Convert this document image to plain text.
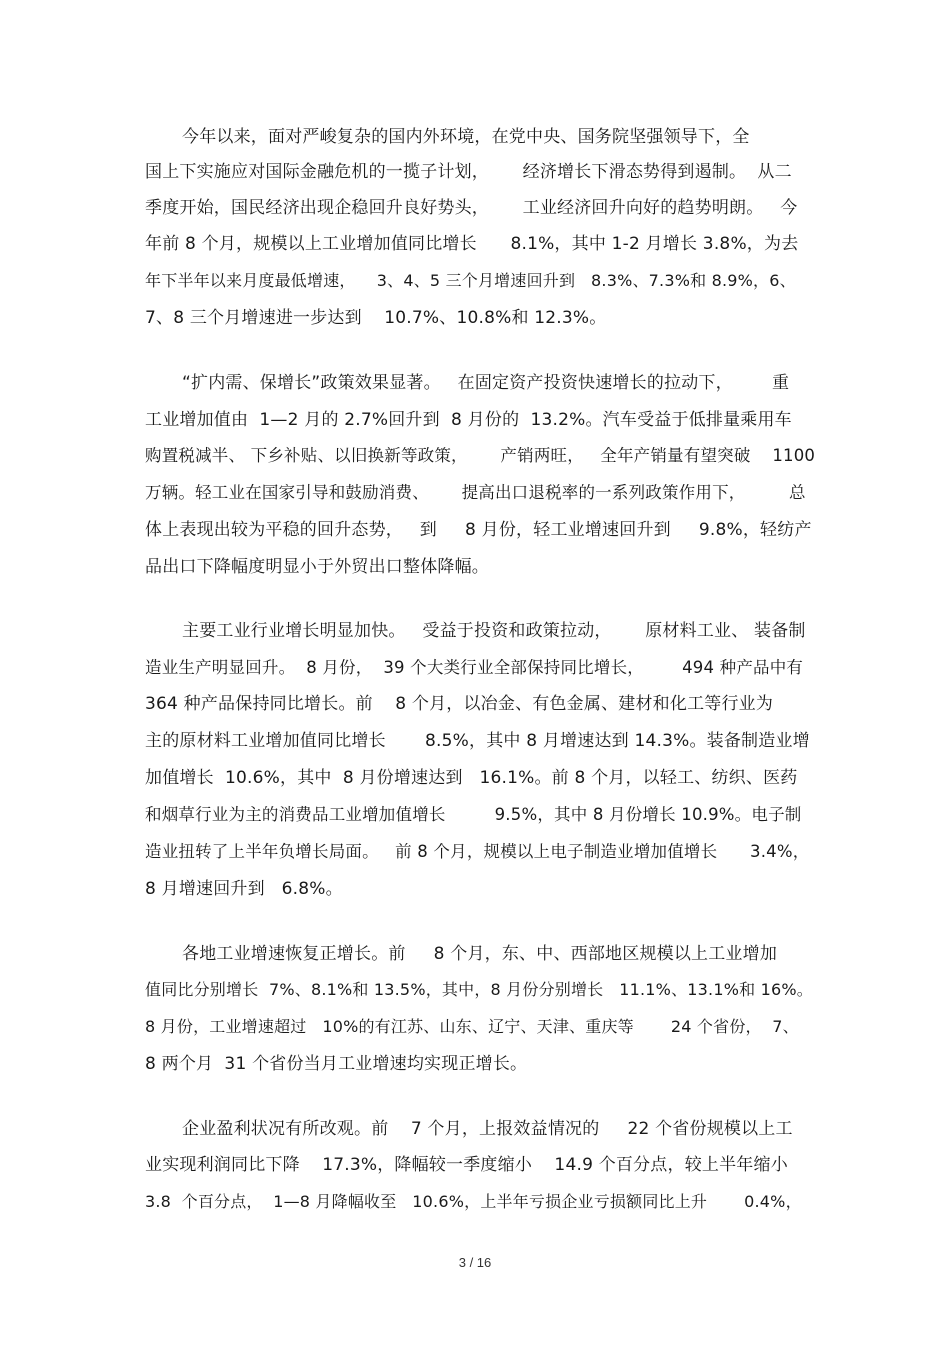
今年以来，面对严峻复杂的国内外环境，在党中央、国务院坚强领导下，全
国上下实施应对国际金融危机的一揽子计划，      经济增长下滑态势得到遏制。  从二
季度开始，国民经济出现企稳回升良好势头，      工业经济回升向好的趋势明朗。   今
年前 8 个月，规模以上工业增加值同比增长      8.1%，其中 1-2 月增长 3.8%，为去
年下半年以来月度最低增速，    3、4、5 三个月增速回升到   8.3%、7.3%和 8.9%，6、
7、8 三个月增速进一步达到    10.7%、10.8%和 12.3%。
“扩内需、保增长”政策效果显著。   在固定资产投资快速增长的拉动下，       重
工业增加值由  1—2 月的 2.7%回升到  8 月份的  13.2%。汽车受益于低排量乘用车
购置税减半、 下乡补贴、以旧换新等政策，      产销两旺，   全年产销量有望突破    1100
万辆。轻工业在国家引导和鼓励消费、      提高出口退税率的一系列政策作用下，        总
体上表现出较为平稳的回升态势，   到     8 月份，轻工业增速回升到     9.8%，轻纺产
品出口下降幅度明显小于外贸出口整体降幅。
主要工业行业增长明显加快。   受益于投资和政策拉动，      原材料工业、 装备制
造业生产明显回升。  8 月份，  39 个大类行业全部保持同比增长，       494 种产品中有
364 种产品保持同比增长。前    8 个月，以冶金、有色金属、建材和化工等行业为
主的原材料工业增加值同比增长       8.5%，其中 8 月增速达到 14.3%。装备制造业增
加值增长  10.6%，其中  8 月份增速达到   16.1%。前 8 个月，以轻工、纺织、医药
和烟草行业为主的消费品工业增加值增长         9.5%，其中 8 月份增长 10.9%。电子制
造业扭转了上半年负增长局面。   前 8 个月，规模以上电子制造业增加值增长      3.4%，
8 月增速回升到   6.8%。
各地工业增速恢复正增长。前     8 个月，东、中、西部地区规模以上工业增加
值同比分别增长  7%、8.1%和 13.5%，其中，8 月份分别增长   11.1%、13.1%和 16%。
8 月份，工业增速超过   10%的有江苏、山东、辽宁、天津、重庆等       24 个省份，  7、
8 两个月  31 个省份当月工业增速均实现正增长。
企业盈利状况有所改观。前    7 个月，上报效益情况的     22 个省份规模以上工
业实现利润同比下降    17.3%，降幅较一季度缩小    14.9 个百分点，较上半年缩小
3.8  个百分点，  1—8 月降幅收至   10.6%，上半年亏损企业亏损额同比上升       0.4%，
3 / 16
